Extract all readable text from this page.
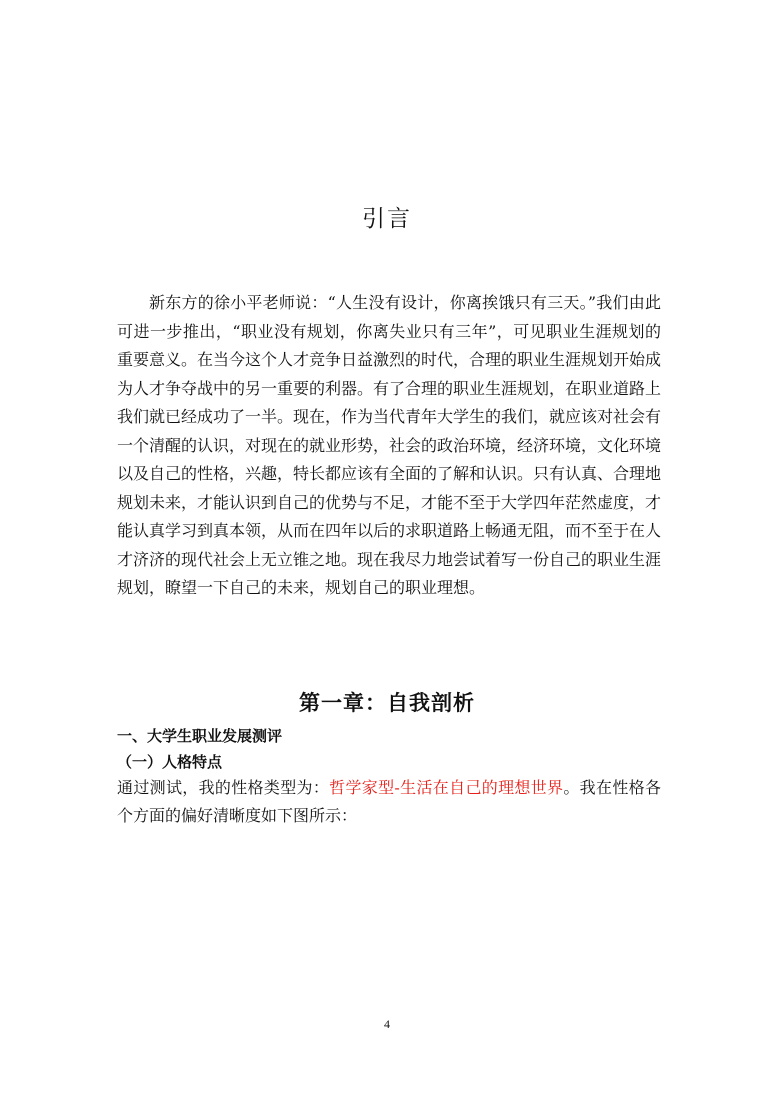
引言

新东方的徐小平老师说：“人生没有设计，你离挨饿只有三天。”我们由此可进一步推出，“职业没有规划，你离失业只有三年”，可见职业生涯规划的重要意义。在当今这个人才竞争日益激烈的时代，合理的职业生涯规划开始成为人才争夺战中的另一重要的利器。有了合理的职业生涯规划，在职业道路上我们就已经成功了一半。现在，作为当代青年大学生的我们，就应该对社会有一个清醒的认识，对现在的就业形势，社会的政治环境，经济环境，文化环境以及自己的性格，兴趣，特长都应该有全面的了解和认识。只有认真、合理地规划未来，才能认识到自己的优势与不足，才能不至于大学四年茫然虚度，才能认真学习到真本领，从而在四年以后的求职道路上畅通无阻，而不至于在人才济济的现代社会上无立锥之地。现在我尽力地尝试着写一份自己的职业生涯规划，瞭望一下自己的未来，规划自己的职业理想。

第一章：自我剖析
一、大学生职业发展测评
（一）人格特点

通过测试，我的性格类型为：哲学家型-生活在自己的理想世界。我在性格各个方面的偏好清晰度如下图所示：

4
